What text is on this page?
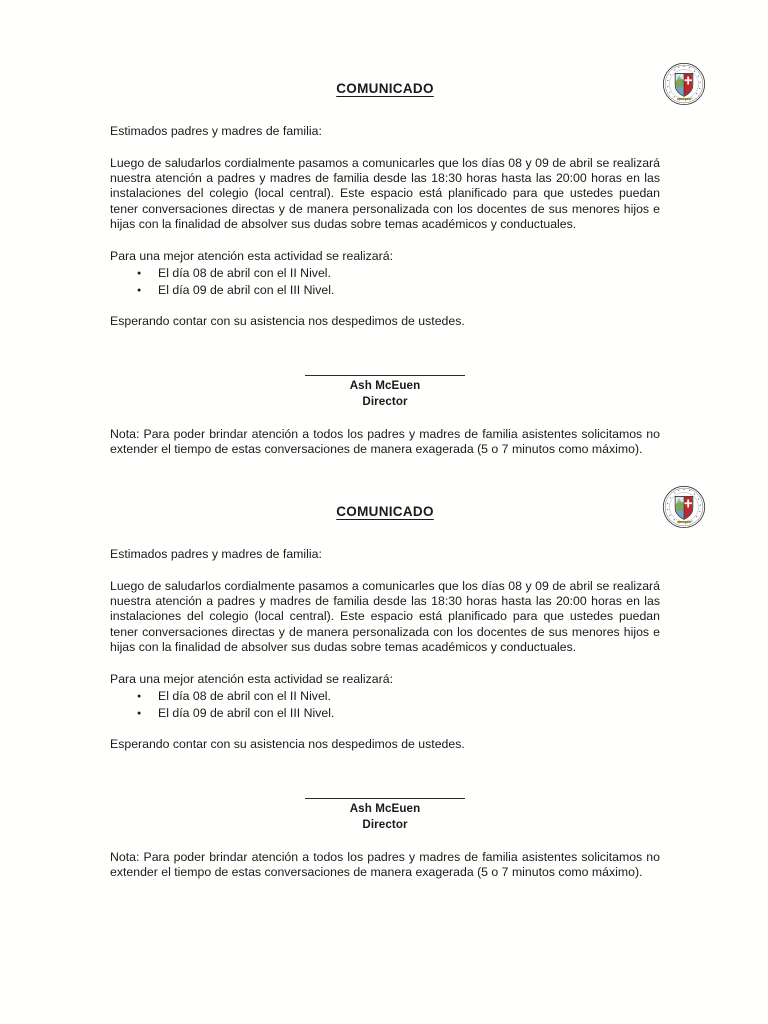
COMUNICADO
Estimados padres y madres de familia:
Luego de saludarlos cordialmente pasamos a comunicarles que los días 08 y 09 de abril se realizará nuestra atención a padres y madres de familia desde las 18:30 horas hasta las 20:00 horas en las instalaciones del colegio (local central). Este espacio está planificado para que ustedes puedan tener conversaciones directas y de manera personalizada con los docentes de sus menores hijos e hijas con la finalidad de absolver sus dudas sobre temas académicos y conductuales.
Para una mejor atención esta actividad se realizará:
● El día 08 de abril con el II Nivel.
● El día 09 de abril con el III Nivel.
Esperando contar con su asistencia nos despedimos de ustedes.
Ash McEuen
Director
Nota: Para poder brindar atención a todos los padres y madres de familia asistentes solicitamos no extender el tiempo de estas conversaciones de manera exagerada (5 o 7 minutos como máximo).
COMUNICADO
Estimados padres y madres de familia:
Luego de saludarlos cordialmente pasamos a comunicarles que los días 08 y 09 de abril se realizará nuestra atención a padres y madres de familia desde las 18:30 horas hasta las 20:00 horas en las instalaciones del colegio (local central). Este espacio está planificado para que ustedes puedan tener conversaciones directas y de manera personalizada con los docentes de sus menores hijos e hijas con la finalidad de absolver sus dudas sobre temas académicos y conductuales.
Para una mejor atención esta actividad se realizará:
● El día 08 de abril con el II Nivel.
● El día 09 de abril con el III Nivel.
Esperando contar con su asistencia nos despedimos de ustedes.
Ash McEuen
Director
Nota: Para poder brindar atención a todos los padres y madres de familia asistentes solicitamos no extender el tiempo de estas conversaciones de manera exagerada (5 o 7 minutos como máximo).
